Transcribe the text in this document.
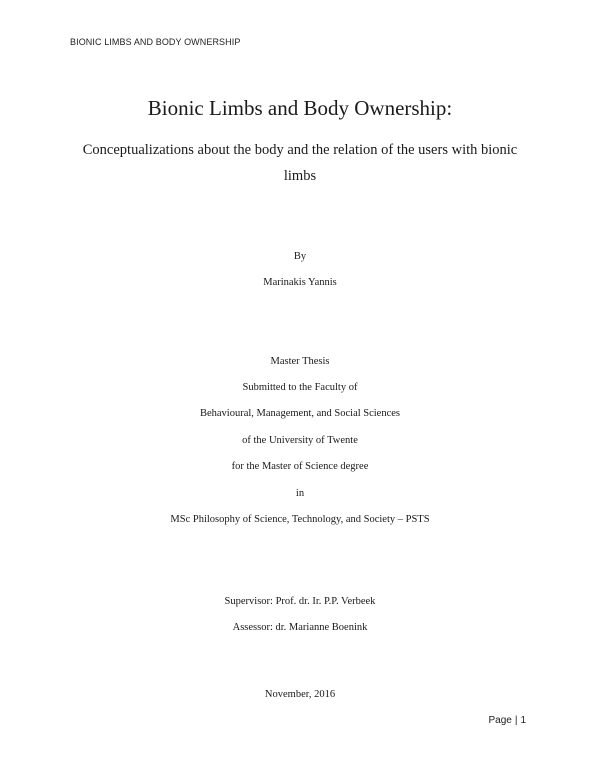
BIONIC LIMBS AND BODY OWNERSHIP
Bionic Limbs and Body Ownership:
Conceptualizations about the body and the relation of the users with bionic limbs
By
Marinakis Yannis
Master Thesis
Submitted to the Faculty of
Behavioural, Management, and Social Sciences
of the University of Twente
for the Master of Science degree
in
MSc Philosophy of Science, Technology, and Society – PSTS
Supervisor: Prof. dr. Ir. P.P. Verbeek
Assessor: dr. Marianne Boenink
November, 2016
Page | 1
